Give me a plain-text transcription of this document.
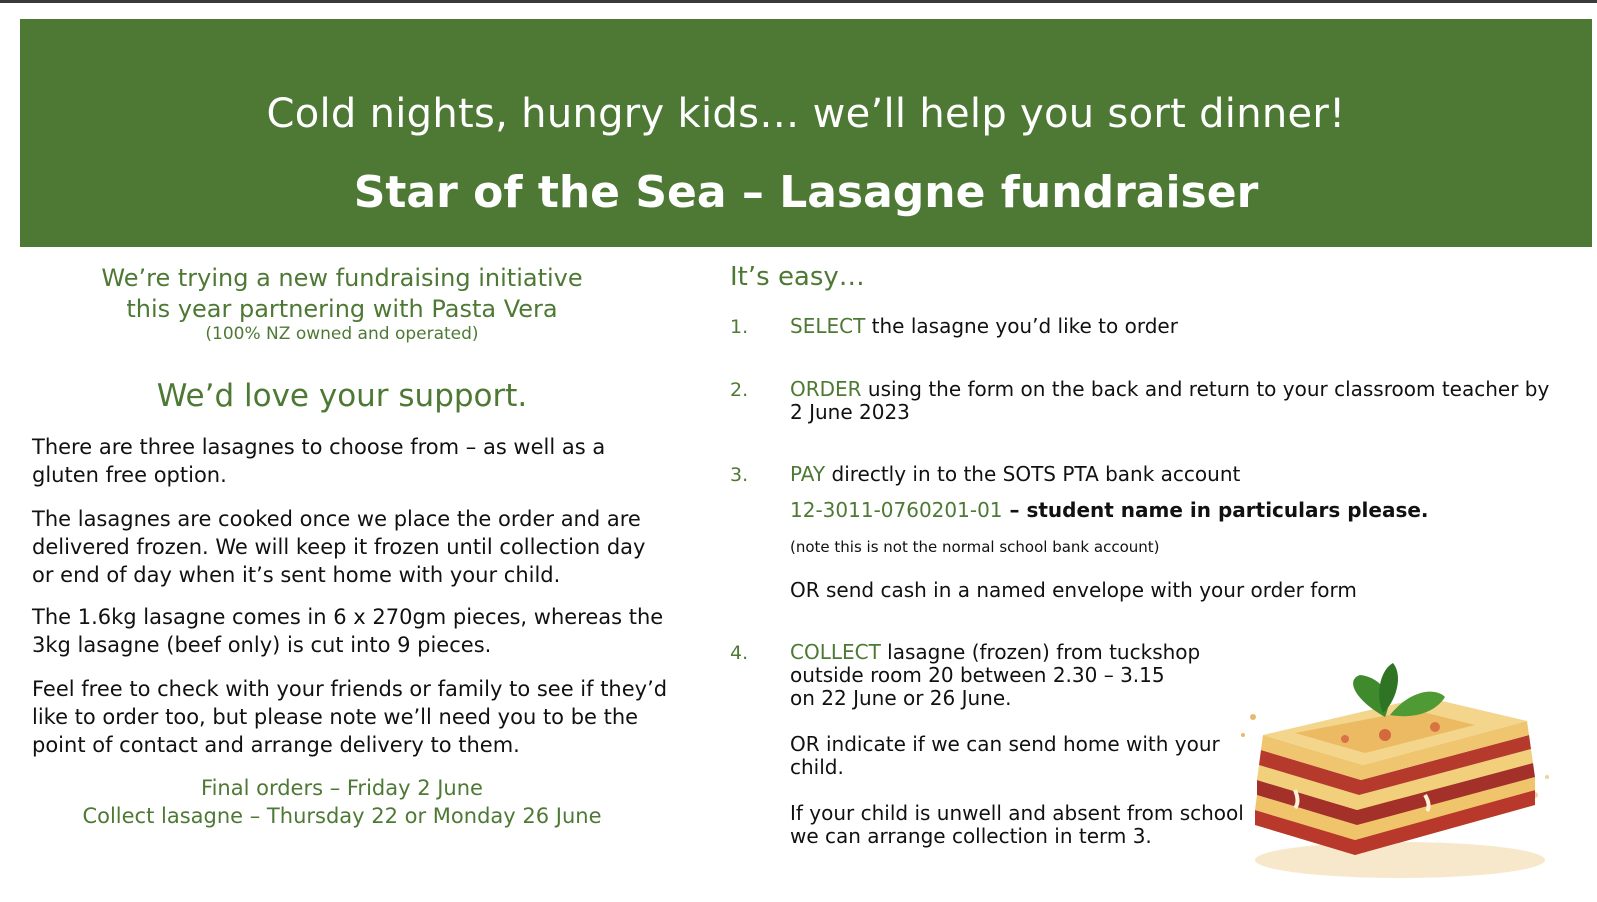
Cold nights, hungry kids… we’ll help you sort dinner!
Star of the Sea – Lasagne fundraiser
We’re trying a new fundraising initiative
this year partnering with Pasta Vera
(100% NZ owned and operated)
We’d love your support.
There are three lasagnes to choose from – as well as a gluten free option.
The lasagnes are cooked once we place the order and are delivered frozen. We will keep it frozen until collection day or end of day when it’s sent home with your child.
The 1.6kg lasagne comes in 6 x 270gm pieces, whereas the 3kg lasagne (beef only) is cut into 9 pieces.
Feel free to check with your friends or family to see if they’d like to order too, but please note we’ll need you to be the point of contact and arrange delivery to them.
Final orders – Friday 2 June
Collect lasagne – Thursday 22 or Monday 26 June
It’s easy…
1. SELECT the lasagne you’d like to order
2. ORDER using the form on the back and return to your classroom teacher by
2 June 2023
3. PAY directly in to the SOTS PTA bank account
12-3011-0760201-01 – student name in particulars please.
(note this is not the normal school bank account)
OR send cash in a named envelope with your order form
4. COLLECT lasagne (frozen) from tuckshop
outside room 20 between 2.30 – 3.15
on 22 June or 26 June.
OR indicate if we can send home with your
child.
If your child is unwell and absent from school
we can arrange collection in term 3.
